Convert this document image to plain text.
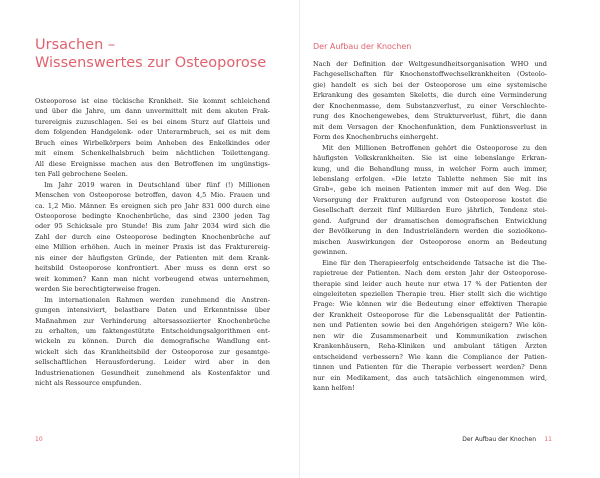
Ursachen –
Wissenswertes zur Osteoporose

Osteoporose ist eine tückische Krankheit. Sie kommt schleichend
und über die Jahre, um dann unvermittelt mit dem akuten Frak-
turereignis zuzuschlagen. Sei es bei einem Sturz auf Glatteis und
dem folgenden Handgelenk- oder Unterarmbruch, sei es mit dem
Bruch eines Wirbelkörpers beim Anheben des Enkelkindes oder
mit einem Schenkelhalsbruch beim nächtlichen Toilettengang.
All diese Ereignisse machen aus den Betroffenen im ungünstigs-
ten Fall gebrochene Seelen.

Im Jahr 2019 waren in Deutschland über fünf (!) Millionen
Menschen von Osteoporose betroffen, davon 4,5 Mio. Frauen und
ca. 1,2 Mio. Männer. Es ereignen sich pro Jahr 831 000 durch eine
Osteoporose bedingte Knochenbrüche, das sind 2300 jeden Tag
oder 95 Schicksale pro Stunde! Bis zum Jahr 2034 wird sich die
Zahl der durch eine Osteoporose bedingten Knochenbrüche auf
eine Million erhöhen. Auch in meiner Praxis ist das Frakturereig-
nis einer der häufigsten Gründe, der Patienten mit dem Krank-
heitsbild Osteoporose konfrontiert. Aber muss es denn erst so
weit kommen? Kann man nicht vorbeugend etwas unternehmen,
werden Sie berechtigterweise fragen.

Im internationalen Rahmen werden zunehmend die Anstren-
gungen intensiviert, belastbare Daten und Erkenntnisse über
Maßnahmen zur Verhinderung altersassoziierter Knochenbrüche
zu erhalten, um faktengestützte Entscheidungsalgorithmen ent-
wickeln zu können. Durch die demografische Wandlung ent-
wickelt sich das Krankheitsbild der Osteoporose zur gesamtge-
sellschaftlichen Herausforderung. Leider wird aber in den
Industrienationen Gesundheit zunehmend als Kostenfaktor und
nicht als Ressource empfunden.

10
Der Aufbau der Knochen

Nach der Definition der Weltgesundheitsorganisation WHO und
Fachgesellschaften für Knochenstoffwechselkrankheiten (Osteolo-
gie) handelt es sich bei der Osteoporose um eine systemische
Erkrankung des gesamten Skeletts, die durch eine Verminderung
der Knochenmasse, dem Substanzverlust, zu einer Verschlechte-
rung des Knochengewebes, dem Strukturverlust, führt, die dann
mit dem Versagen der Knochenfunktion, dem Funktionsverlust in
Form des Knochenbruchs einhergeht.

Mit den Millionen Betroffenen gehört die Osteoporose zu den
häufigsten Volkskrankheiten. Sie ist eine lebenslange Erkran-
kung, und die Behandlung muss, in welcher Form auch immer,
lebenslang erfolgen. »Die letzte Tablette nehmen Sie mit ins
Grab«, gebe ich meinen Patienten immer mit auf den Weg. Die
Versorgung der Frakturen aufgrund von Osteoporose kostet die
Gesellschaft derzeit fünf Milliarden Euro jährlich, Tendenz stei-
gend. Aufgrund der dramatischen demografischen Entwicklung
der Bevölkerung in den Industrieländern werden die sozioökono-
mischen Auswirkungen der Osteoporose enorm an Bedeutung
gewinnen.

Eine für den Therapieerfolg entscheidende Tatsache ist die The-
rapietreue der Patienten. Nach dem ersten Jahr der Osteoporose-
therapie sind leider auch heute nur etwa 17 % der Patienten der
eingeleiteten speziellen Therapie treu. Hier stellt sich die wichtige
Frage: Wie können wir die Bedeutung einer effektiven Therapie
der Krankheit Osteoporose für die Lebensqualität der Patientin-
nen und Patienten sowie bei den Angehörigen steigern? Wie kön-
nen wir die Zusammenarbeit und Kommunikation zwischen
Krankenhäusern, Reha-Kliniken und ambulant tätigen Ärzten
entscheidend verbessern? Wie kann die Compliance der Patien-
tinnen und Patienten für die Therapie verbessert werden? Denn
nur ein Medikament, das auch tatsächlich eingenommen wird,
kann helfen!

Der Aufbau der Knochen 11
